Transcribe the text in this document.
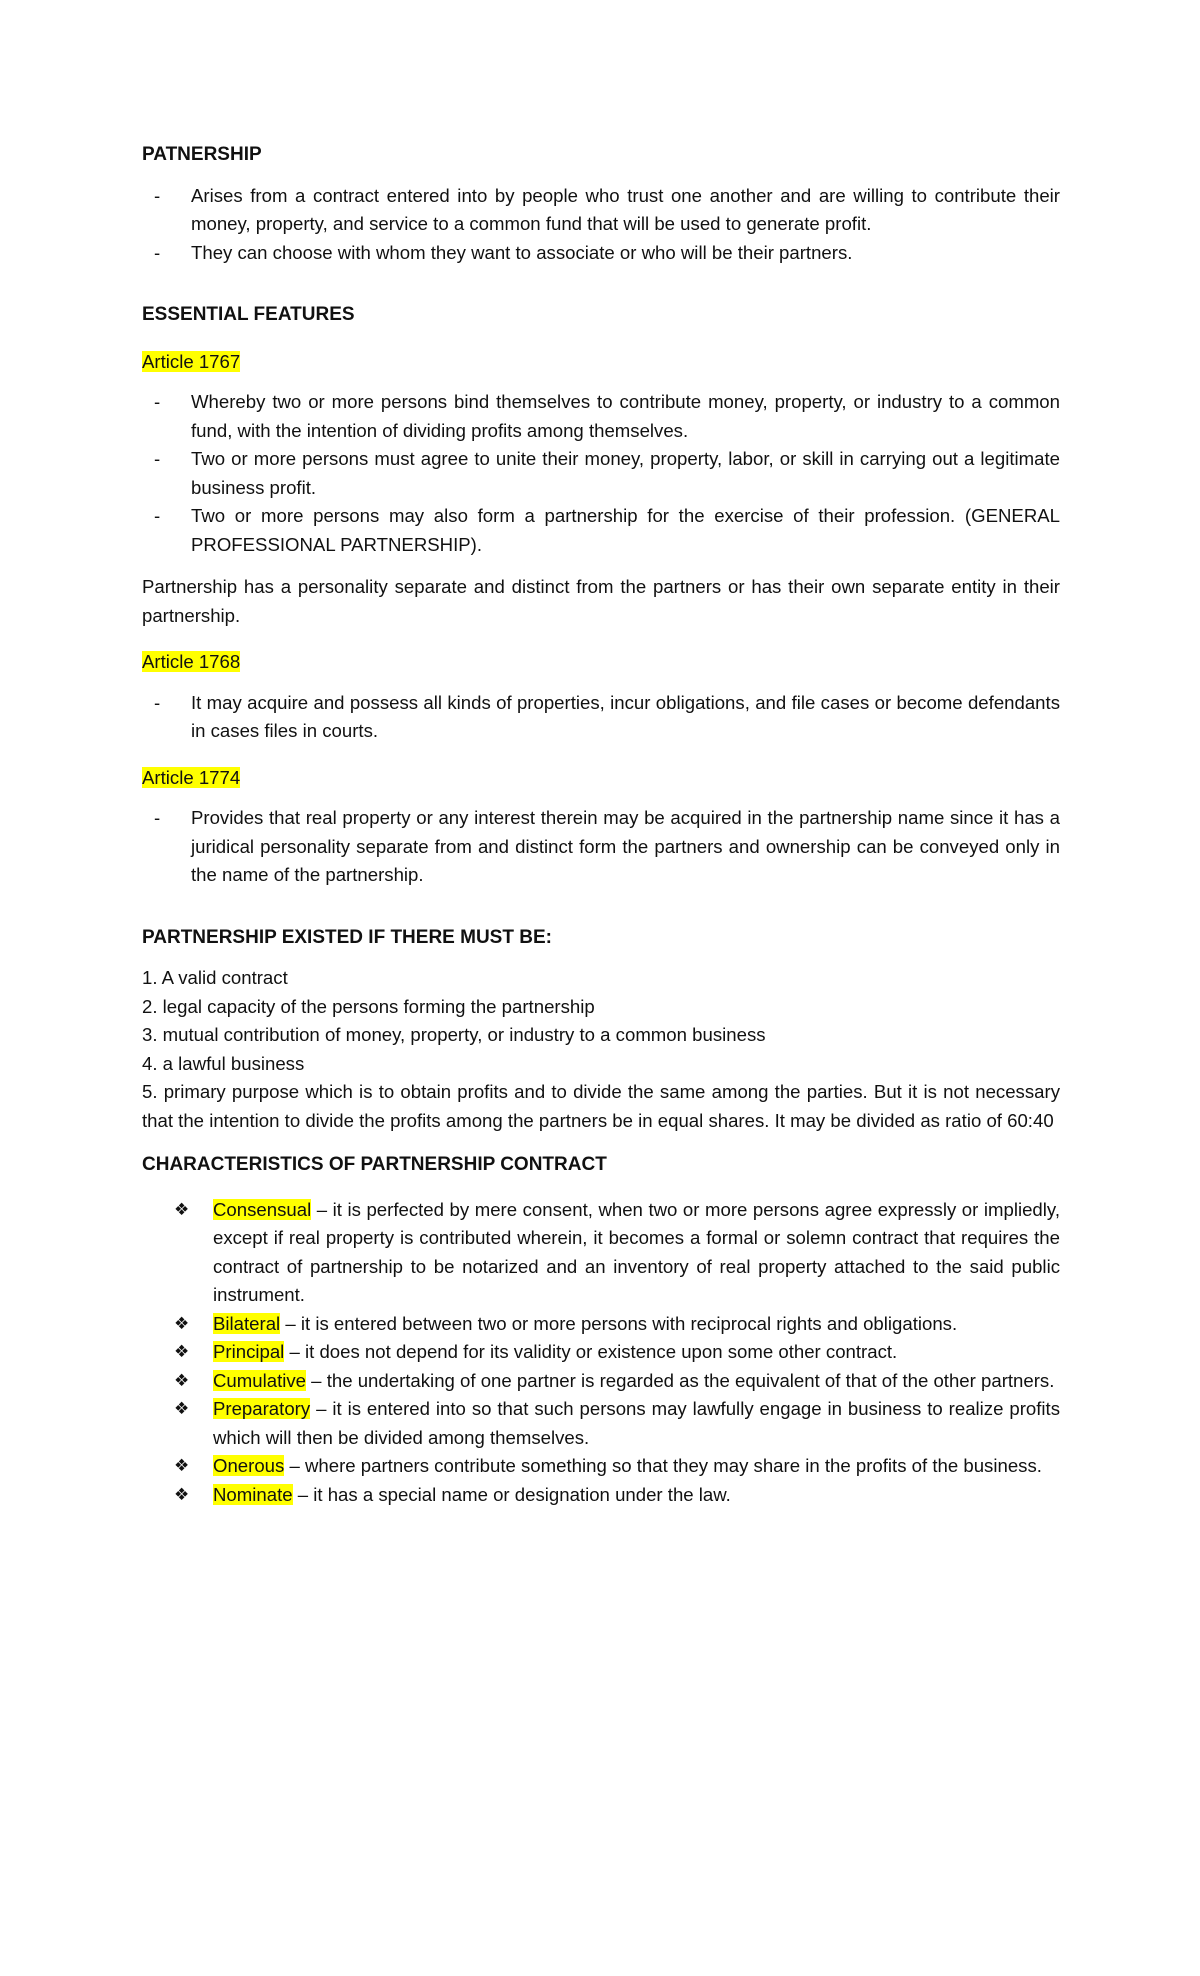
PATNERSHIP
- Arises from a contract entered into by people who trust one another and are willing to contribute their money, property, and service to a common fund that will be used to generate profit.
- They can choose with whom they want to associate or who will be their partners.
ESSENTIAL FEATURES

Article 1767

- Whereby two or more persons bind themselves to contribute money, property, or industry to a common fund, with the intention of dividing profits among themselves.
- Two or more persons must agree to unite their money, property, labor, or skill in carrying out a legitimate business profit.
- Two or more persons may also form a partnership for the exercise of their profession. (GENERAL PROFESSIONAL PARTNERSHIP).

Partnership has a personality separate and distinct from the partners or has their own separate entity in their partnership.

Article 1768

- It may acquire and possess all kinds of properties, incur obligations, and file cases or become defendants in cases files in courts.

Article 1774

- Provides that real property or any interest therein may be acquired in the partnership name since it has a juridical personality separate from and distinct form the partners and ownership can be conveyed only in the name of the partnership.
PARTNERSHIP EXISTED IF THERE MUST BE:
1. A valid contract
2. legal capacity of the persons forming the partnership
3. mutual contribution of money, property, or industry to a common business
4. a lawful business
5. primary purpose which is to obtain profits and to divide the same among the parties. But it is not necessary that the intention to divide the profits among the partners be in equal shares. It may be divided as ratio of 60:40
CHARACTERISTICS OF PARTNERSHIP CONTRACT
❖ Consensual – it is perfected by mere consent, when two or more persons agree expressly or impliedly, except if real property is contributed wherein, it becomes a formal or solemn contract that requires the contract of partnership to be notarized and an inventory of real property attached to the said public instrument.
❖ Bilateral – it is entered between two or more persons with reciprocal rights and obligations.
❖ Principal – it does not depend for its validity or existence upon some other contract.
❖ Cumulative – the undertaking of one partner is regarded as the equivalent of that of the other partners.
❖ Preparatory – it is entered into so that such persons may lawfully engage in business to realize profits which will then be divided among themselves.
❖ Onerous – where partners contribute something so that they may share in the profits of the business.
❖ Nominate – it has a special name or designation under the law.
